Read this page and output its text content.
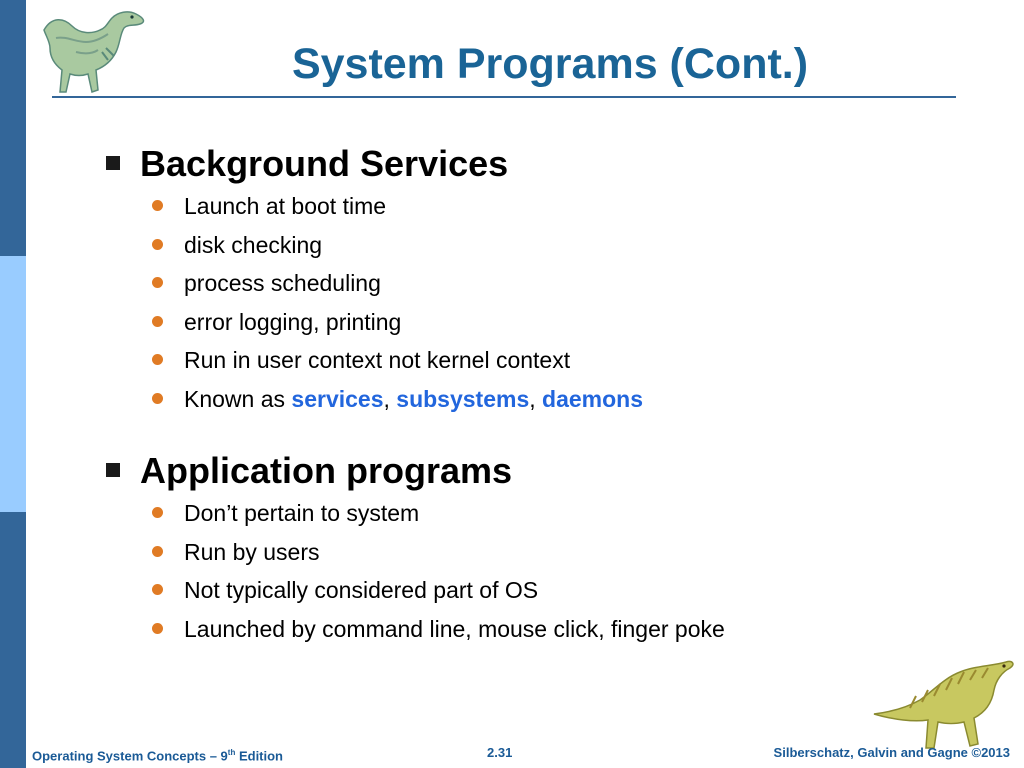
System Programs (Cont.)
Background Services
Launch at boot time
disk checking
process scheduling
error logging, printing
Run in user context not kernel context
Known as services, subsystems, daemons
Application programs
Don’t pertain to system
Run by users
Not typically considered part of OS
Launched by command line, mouse click, finger poke
Operating System Concepts – 9th Edition	2.31	Silberschatz, Galvin and Gagne ©2013
